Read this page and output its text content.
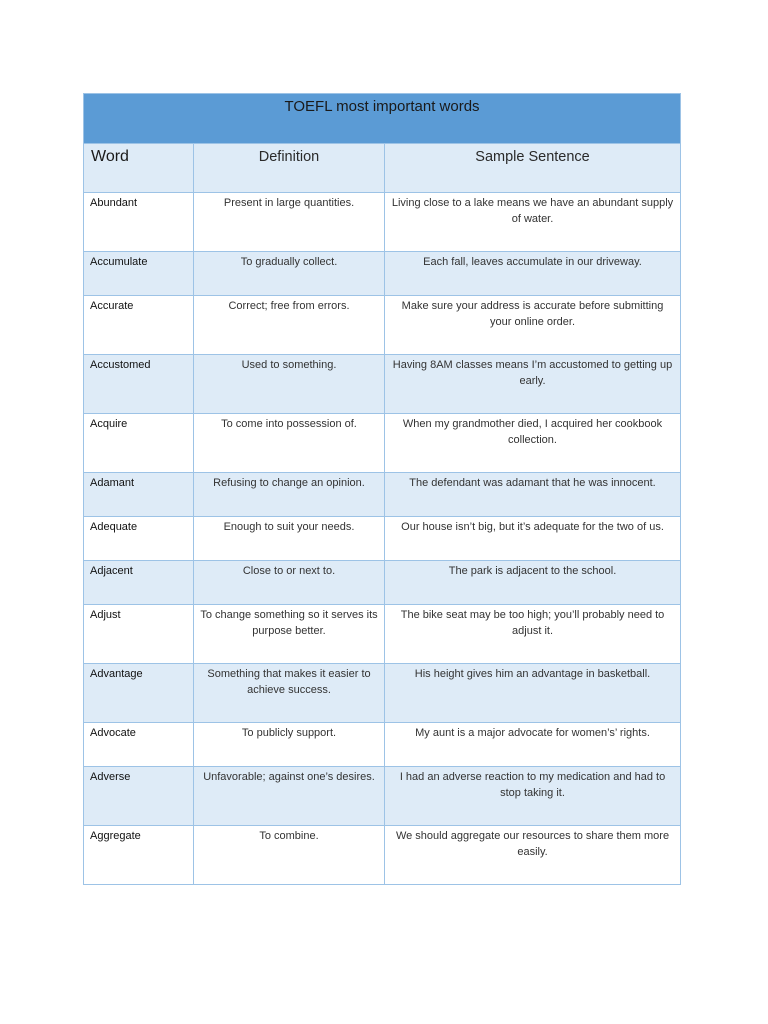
TOEFL most important words		
Word	Definition	Sample Sentence
Abundant	Present in large quantities.	Living close to a lake means we have an abundant supply of water.
Accumulate	To gradually collect.	Each fall, leaves accumulate in our driveway.
Accurate	Correct; free from errors.	Make sure your address is accurate before submitting your online order.
Accustomed	Used to something.	Having 8AM classes means I’m accustomed to getting up early.
Acquire	To come into possession of.	When my grandmother died, I acquired her cookbook collection.
Adamant	Refusing to change an opinion.	The defendant was adamant that he was innocent.
Adequate	Enough to suit your needs.	Our house isn’t big, but it’s adequate for the two of us.
Adjacent	Close to or next to.	The park is adjacent to the school.
Adjust	To change something so it serves its purpose better.	The bike seat may be too high; you’ll probably need to adjust it.
Advantage	Something that makes it easier to achieve success.	His height gives him an advantage in basketball.
Advocate	To publicly support.	My aunt is a major advocate for women’s’ rights.
Adverse	Unfavorable; against one’s desires.	I had an adverse reaction to my medication and had to stop taking it.
Aggregate	To combine.	We should aggregate our resources to share them more easily.
